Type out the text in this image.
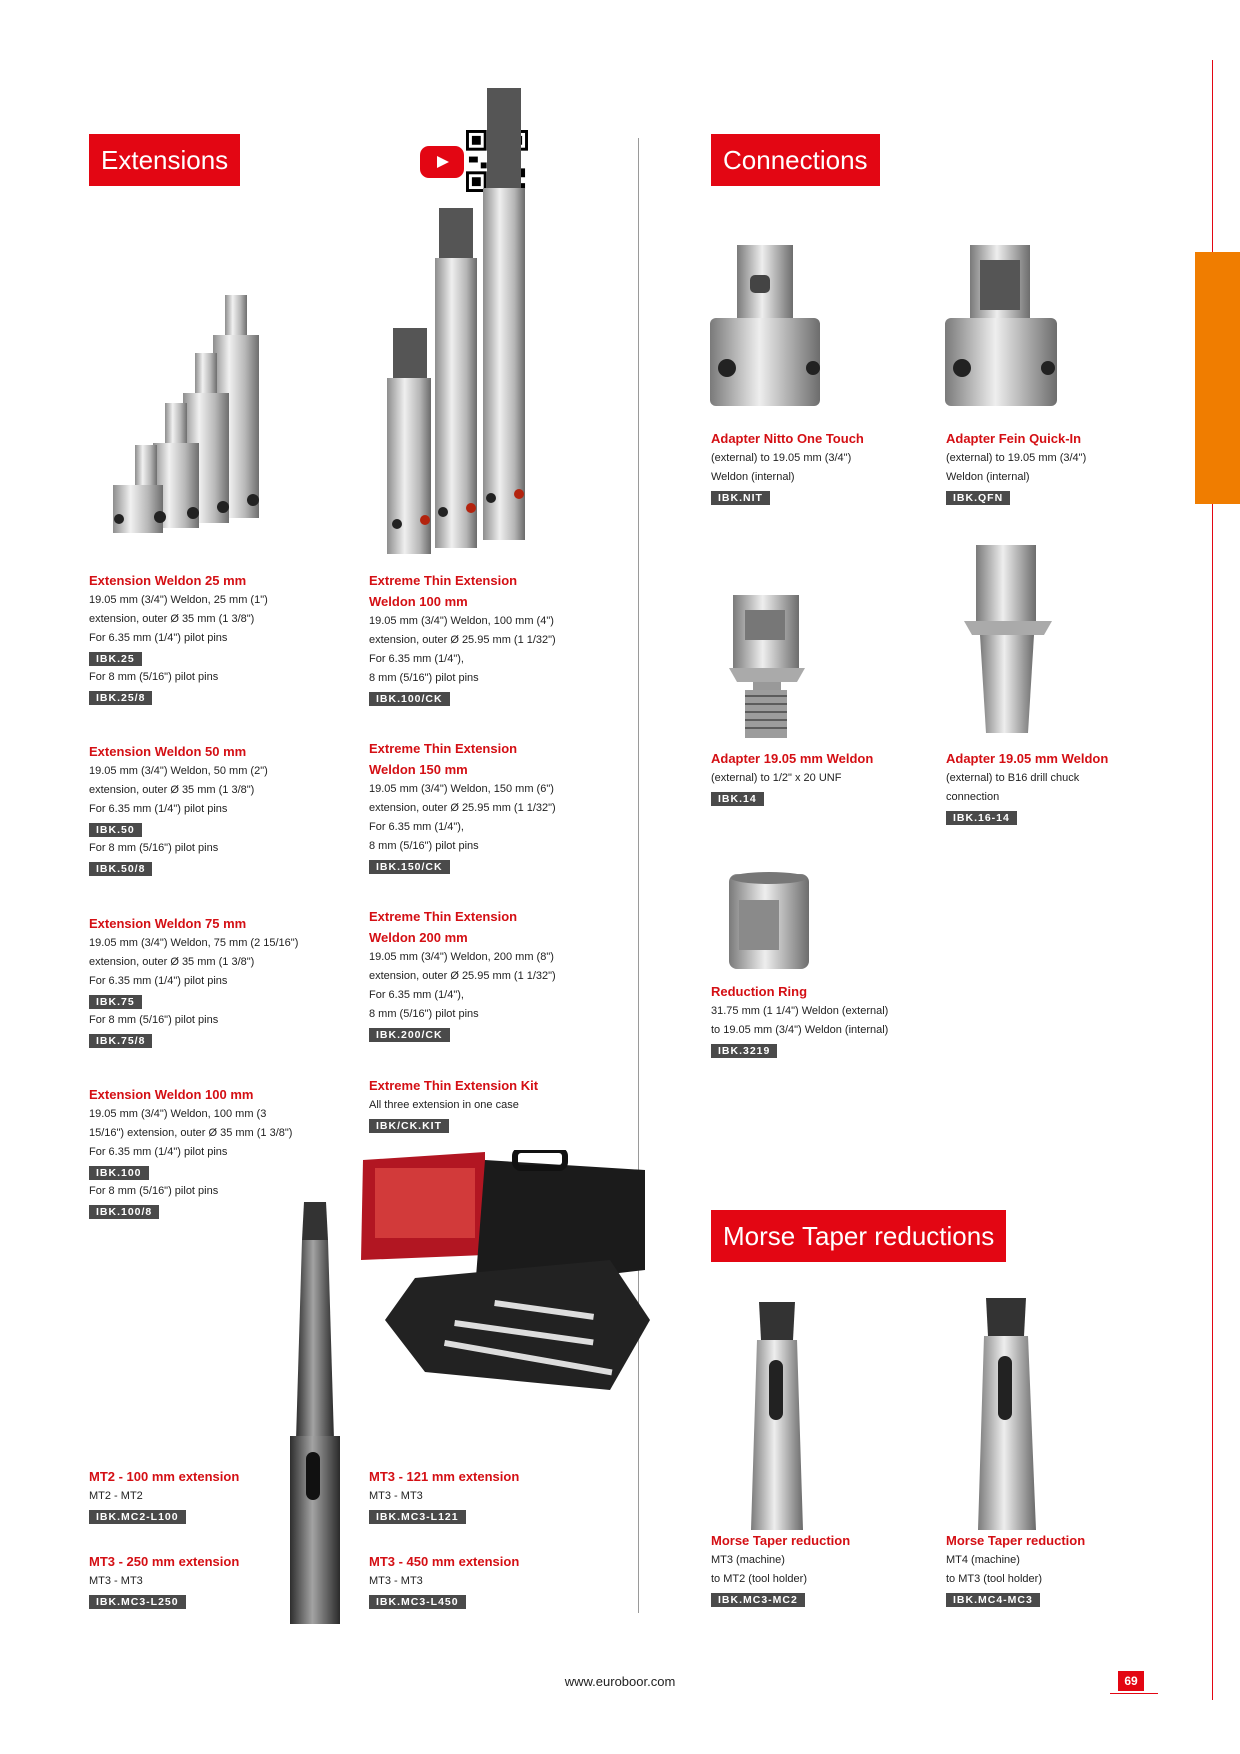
Extensions	Connections
Morse Taper reductions
Extension Weldon 25 mm
19.05 mm (3/4") Weldon, 25 mm (1")
extension, outer Ø 35 mm (1 3/8")
For 6.35 mm (1/4") pilot pins
IBK.25
For 8 mm (5/16") pilot pins
IBK.25/8
Extension Weldon 50 mm
19.05 mm (3/4") Weldon, 50 mm (2")
extension, outer Ø 35 mm (1 3/8")
For 6.35 mm (1/4") pilot pins
IBK.50
For 8 mm (5/16") pilot pins
IBK.50/8
Extension Weldon 75 mm
19.05 mm (3/4") Weldon, 75 mm (2 15/16")
extension, outer Ø 35 mm (1 3/8")
For 6.35 mm (1/4") pilot pins
IBK.75
For 8 mm (5/16") pilot pins
IBK.75/8
Extension Weldon 100 mm
19.05 mm (3/4") Weldon, 100 mm (3
15/16") extension, outer Ø 35 mm (1 3/8")
For 6.35 mm (1/4") pilot pins
IBK.100
For 8 mm (5/16") pilot pins
IBK.100/8
Extreme Thin Extension
Weldon 100 mm
19.05 mm (3/4") Weldon, 100 mm (4")
extension, outer Ø 25.95 mm (1 1/32")
For 6.35 mm (1/4"),
8 mm (5/16") pilot pins
IBK.100/CK
Extreme Thin Extension
Weldon 150 mm
19.05 mm (3/4") Weldon, 150 mm (6")
extension, outer Ø 25.95 mm (1 1/32")
For 6.35 mm (1/4"),
8 mm (5/16") pilot pins
IBK.150/CK
Extreme Thin Extension
Weldon 200 mm
19.05 mm (3/4") Weldon, 200 mm (8")
extension, outer Ø 25.95 mm (1 1/32")
For 6.35 mm (1/4"),
8 mm (5/16") pilot pins
IBK.200/CK
Extreme Thin Extension Kit
All three extension in one case
IBK/CK.KIT
MT2 - 100 mm extension
MT2 - MT2
IBK.MC2-L100
MT3 - 121 mm extension
MT3 - MT3
IBK.MC3-L121
MT3 - 250 mm extension
MT3 - MT3
IBK.MC3-L250
MT3 - 450 mm extension
MT3 - MT3
IBK.MC3-L450
Adapter Nitto One Touch
(external) to 19.05 mm (3/4")
Weldon (internal)
IBK.NIT
Adapter Fein Quick-In
(external) to 19.05 mm (3/4")
Weldon (internal)
IBK.QFN
Adapter 19.05 mm Weldon
(external) to 1/2" x 20 UNF
IBK.14
Adapter 19.05 mm Weldon
(external) to B16 drill chuck
connection
IBK.16-14
Reduction Ring
31.75 mm (1 1/4") Weldon (external)
to 19.05 mm (3/4") Weldon (internal)
IBK.3219
Morse Taper reduction
MT3 (machine)
to MT2 (tool holder)
IBK.MC3-MC2
Morse Taper reduction
MT4 (machine)
to MT3 (tool holder)
IBK.MC4-MC3
www.euroboor.com	69
